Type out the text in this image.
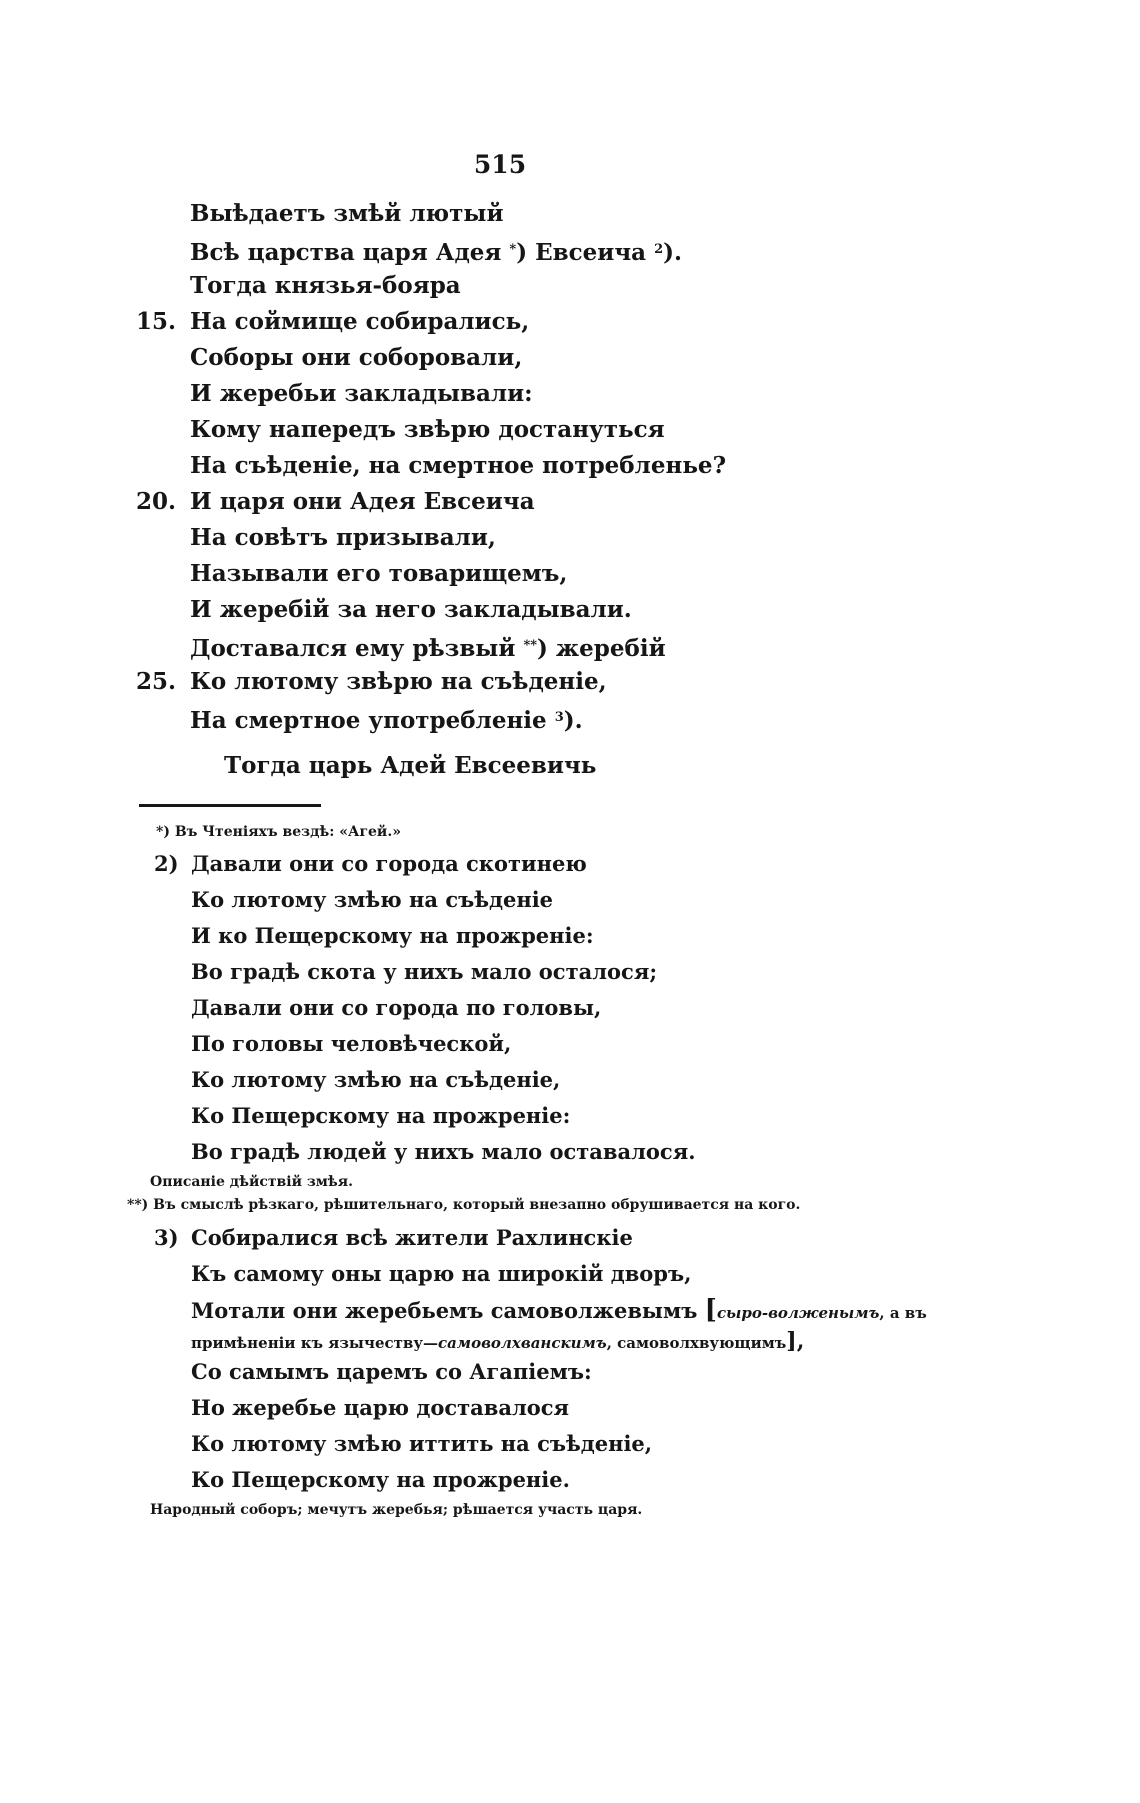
515
Выѣдаетъ змѣй лютый
Всѣ царства царя Адея *) Евсеича $^2$).
Тогда князья-бояра
15. На соймище собирались,
Соборы они соборовали,
И жеребьи закладывали:
Кому напередъ звѣрю достануться
На съѣденіе, на смертное потребленье?
20. И царя они Адея Евсеича
На совѣтъ призывали,
Называли его товарищемъ,
И жеребій за него закладывали.
Доставался ему рѣзвый **) жеребій
25. Ко лютому звѣрю на съѣденіе,
На смертное употребленіе $^3$).
Тогда царь Адей Евсеевичь
*) Въ Чтеніяхъ вездѣ: «Агей.»
2) Давали они со города скотинею
Ко лютому змѣю на съѣденіе
И ко Пещерскому на прожреніе:
Во градѣ скота у нихъ мало осталося;
Давали они со города по головы,
По головы человѣческой,
Ко лютому змѣю на съѣденіе,
Ко Пещерскому на прожреніе:
Во градѣ людей у нихъ мало оставалося.
Описаніе дѣйствій змѣя.
**) Въ смыслѣ рѣзкаго, рѣшительнаго, который внезапно обрушивается на кого.
3) Собиралися всѣ жители Рахлинскіе
Къ самому оны царю на широкій дворъ,
Мотали они жеребьемъ самоволжевымъ [сыро-волженымъ, а въ
примѣненіи къ язычеству—самоволхванскимъ, самоволхвующимъ],
Со самымъ царемъ со Агапіемъ:
Но жеребье царю доставалося
Ко лютому змѣю иттить на съѣденіе,
Ко Пещерскому на прожреніе.
Народный соборъ; мечутъ жеребья; рѣшается участь царя.
